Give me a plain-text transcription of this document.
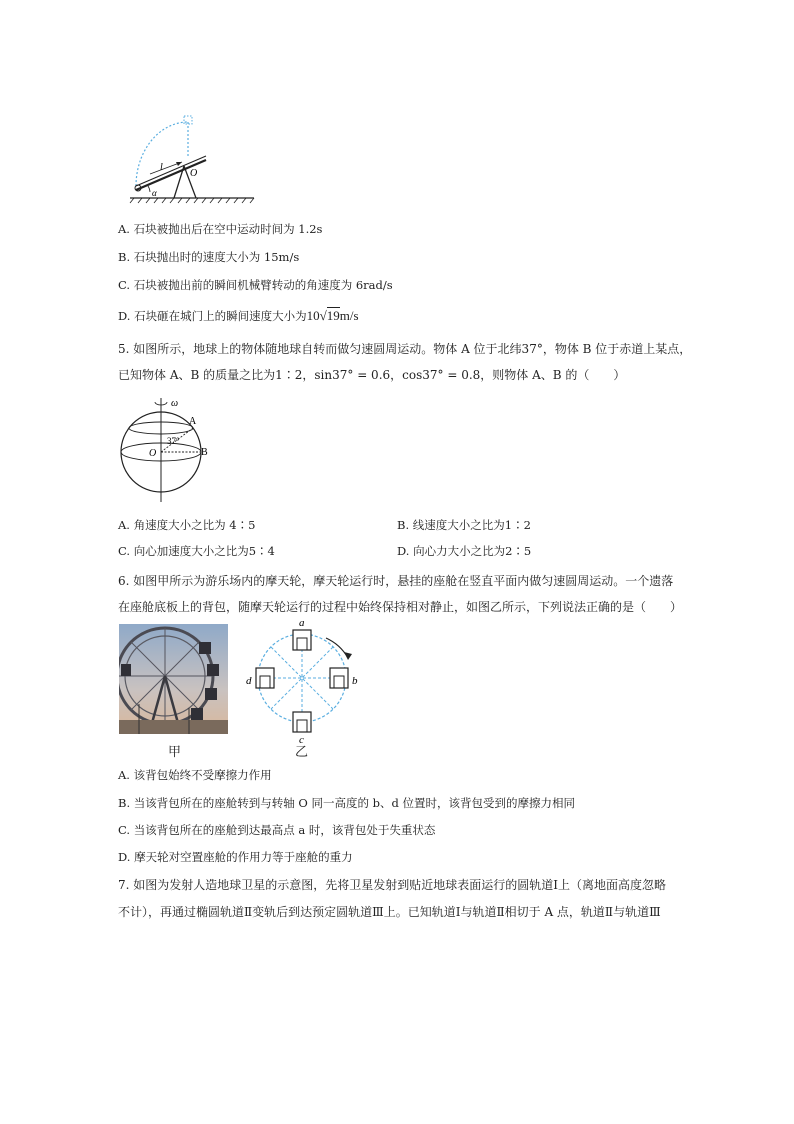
l
O
α
A. 石块被抛出后在空中运动时间为 1.2s
B. 石块抛出时的速度大小为 15m/s
C. 石块被抛出前的瞬间机械臂转动的角速度为 6rad/s
D. 石块砸在城门上的瞬间速度大小为10√19m/s
5. 如图所示，地球上的物体随地球自转而做匀速圆周运动。物体 A 位于北纬37°，物体 B 位于赤道上某点，
已知物体 A、B 的质量之比为1∶2，sin37° = 0.6，cos37° = 0.8，则物体 A、B 的（　　）
ω
A
B
O
37°
A. 角速度大小之比为 4∶5	B. 线速度大小之比为1∶2
C. 向心加速度大小之比为5∶4	D. 向心力大小之比为2∶5
6. 如图甲所示为游乐场内的摩天轮，摩天轮运行时，悬挂的座舱在竖直平面内做匀速圆周运动。一个遗落
在座舱底板上的背包，随摩天轮运行的过程中始终保持相对静止，如图乙所示，下列说法正确的是（　　）
甲
a
b
c
d
乙
A. 该背包始终不受摩擦力作用
B. 当该背包所在的座舱转到与转轴 O 同一高度的 b、d 位置时，该背包受到的摩擦力相同
C. 当该背包所在的座舱到达最高点 a 时，该背包处于失重状态
D. 摩天轮对空置座舱的作用力等于座舱的重力
7. 如图为发射人造地球卫星的示意图，先将卫星发射到贴近地球表面运行的圆轨道Ⅰ上（离地面高度忽略
不计），再通过椭圆轨道Ⅱ变轨后到达预定圆轨道Ⅲ上。已知轨道Ⅰ与轨道Ⅱ相切于 A 点，轨道Ⅱ与轨道Ⅲ
